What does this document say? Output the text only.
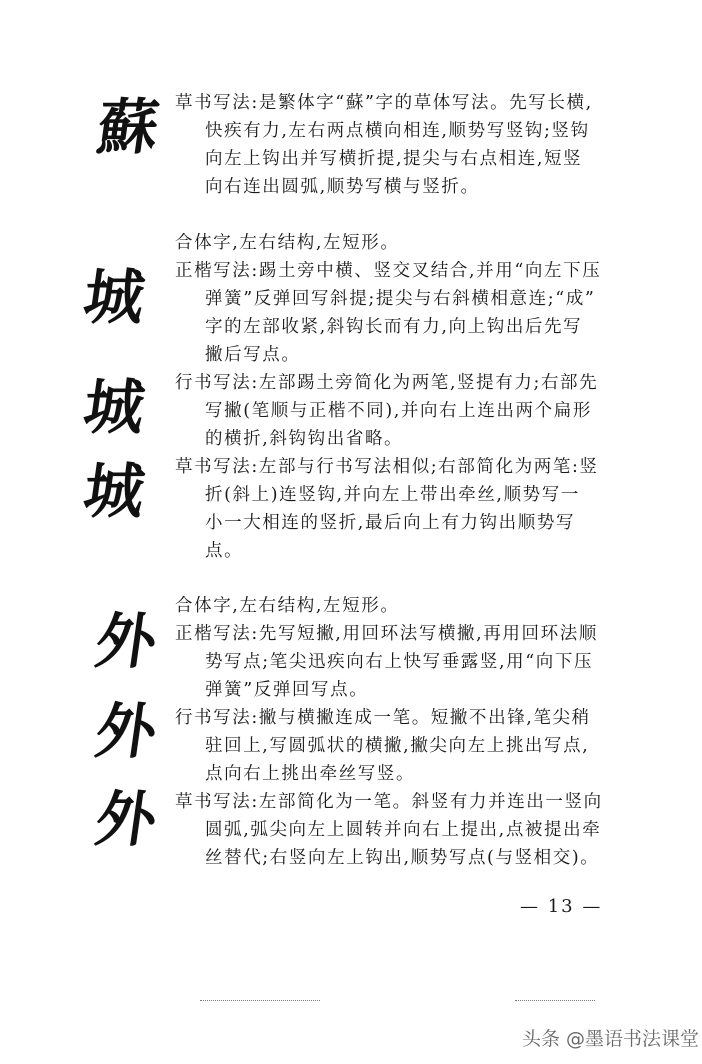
蘇
城
城
城
外
外
外
草书写法:是繁体字“蘇”字的草体写法。先写长横,
快疾有力,左右两点横向相连,顺势写竖钩;竖钩
向左上钩出并写横折提,提尖与右点相连,短竖
向右连出圆弧,顺势写横与竖折。
合体字,左右结构,左短形。
正楷写法:踢土旁中横、竖交叉结合,并用“向左下压
弹簧”反弹回写斜提;提尖与右斜横相意连;“成”
字的左部收紧,斜钩长而有力,向上钩出后先写
撇后写点。
行书写法:左部踢土旁简化为两笔,竖提有力;右部先
写撇(笔顺与正楷不同),并向右上连出两个扁形
的横折,斜钩钩出省略。
草书写法:左部与行书写法相似;右部简化为两笔:竖
折(斜上)连竖钩,并向左上带出牵丝,顺势写一
小一大相连的竖折,最后向上有力钩出顺势写
点。
合体字,左右结构,左短形。
正楷写法:先写短撇,用回环法写横撇,再用回环法顺
势写点;笔尖迅疾向右上快写垂露竖,用“向下压
弹簧”反弹回写点。
行书写法:撇与横撇连成一笔。短撇不出锋,笔尖稍
驻回上,写圆弧状的横撇,撇尖向左上挑出写点,
点向右上挑出牵丝写竖。
草书写法:左部简化为一笔。斜竖有力并连出一竖向
圆弧,弧尖向左上圆转并向右上提出,点被提出牵
丝替代;右竖向左上钩出,顺势写点(与竖相交)。
— 13 —
头条 @墨语书法课堂
